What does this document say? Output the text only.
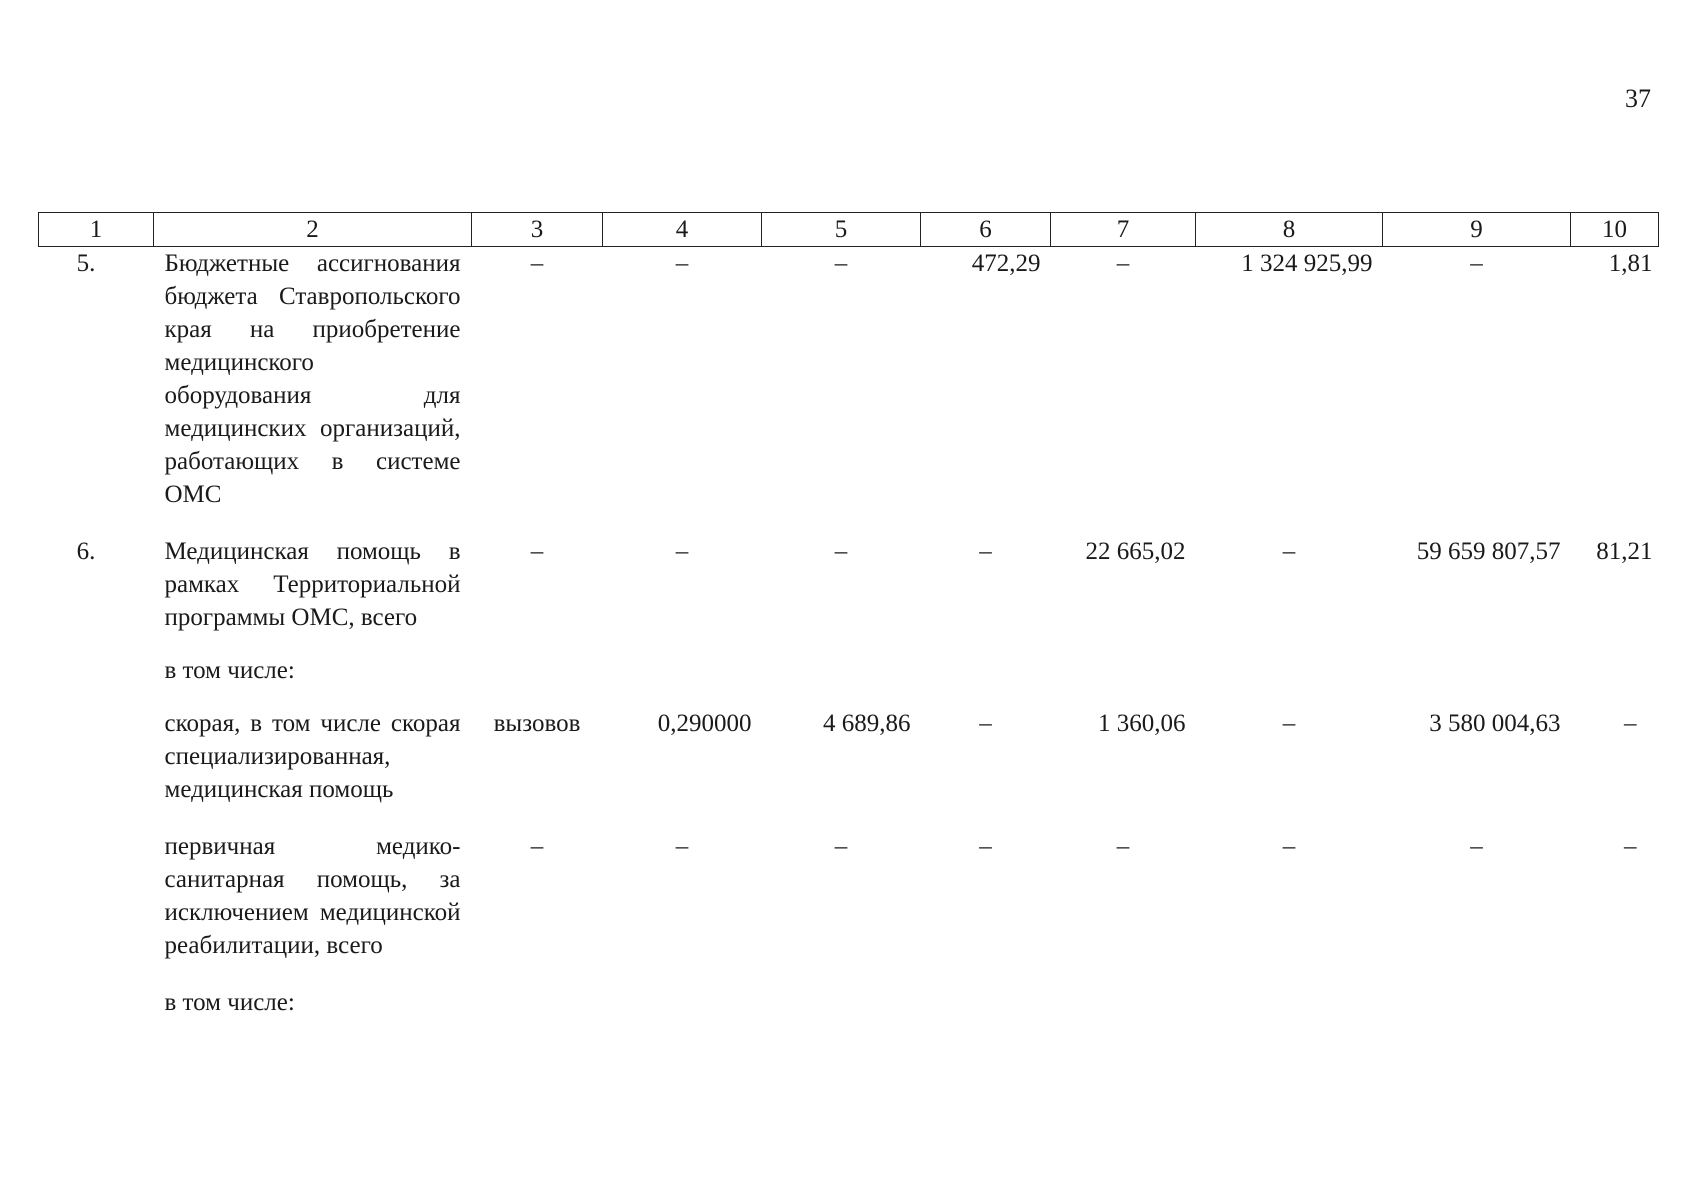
37
1	2	3	4	5	6	7	8	9	10
5.	Бюджетные ассигнования бюджета Ставропольского края на приобретение медицинского оборудования для медицинских организаций, работающих в системе ОМС	–	–	–	472,29	–	1 324 925,99	–	1,81

6.	Медицинская помощь в рамках Территориальной программы ОМС, всего	–	–	–	–	22 665,02	–	59 659 807,57	81,21

	в том числе:								

	скорая, в том числе скорая специализированная, медицинская помощь	вызовов	0,290000	4 689,86	–	1 360,06	–	3 580 004,63	–

	первичная медико-санитарная помощь, за исключением медицинской реабилитации, всего	–	–	–	–	–	–	–	–

	в том числе:								
